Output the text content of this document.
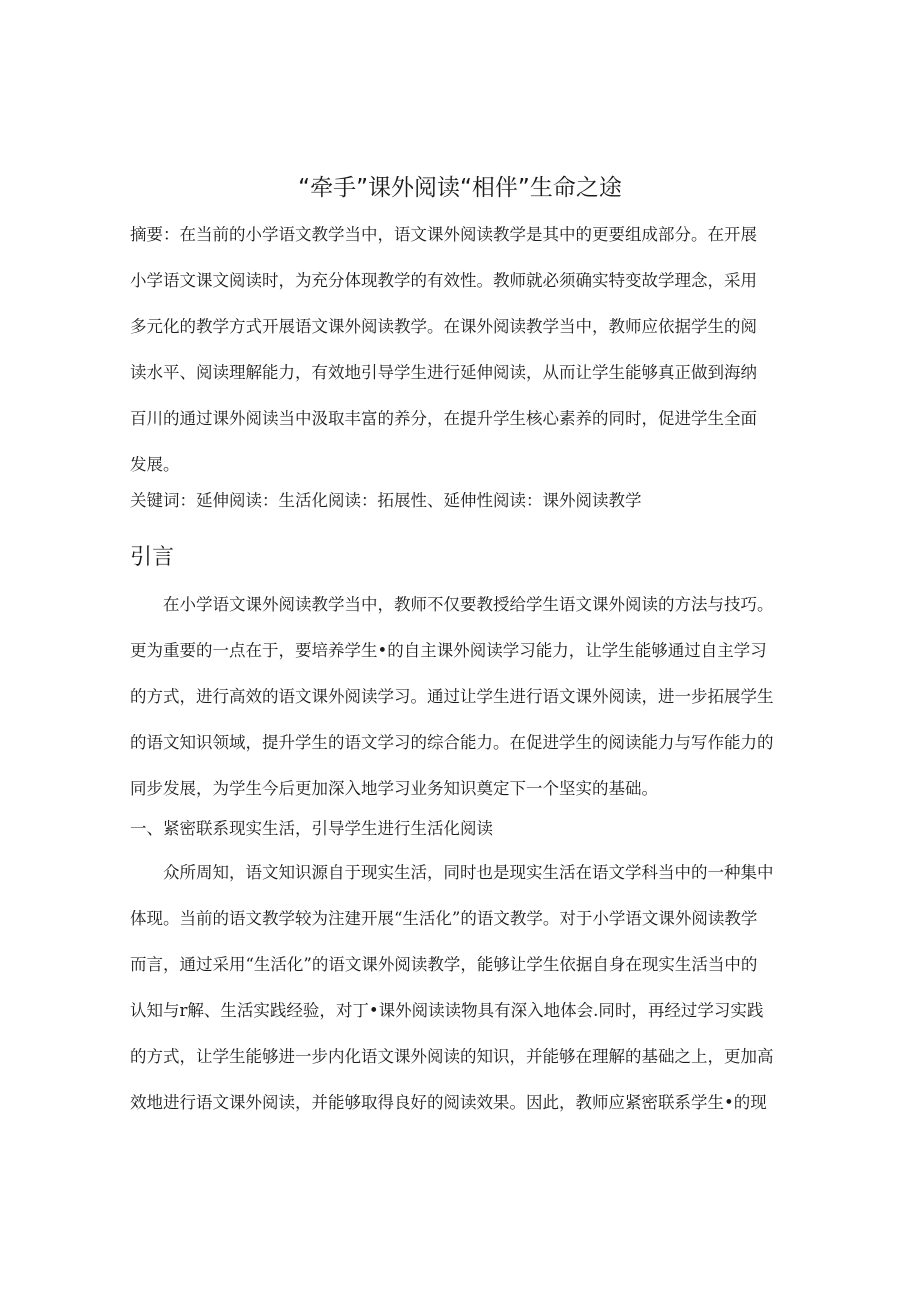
“牵手”课外阅读“相伴”生命之途

摘要：在当前的小学语文教学当中，语文课外阅读教学是其中的更要组成部分。在开展
小学语文课文阅读时，为充分体现教学的有效性。教师就必须确实特变故学理念，采用
多元化的教学方式开展语文课外阅读教学。在课外阅读教学当中，教师应依据学生的阅
读水平、阅读理解能力，有效地引导学生进行延伸阅读，从而让学生能够真正做到海纳
百川的通过课外阅读当中汲取丰富的养分，在提升学生核心素养的同时，促进学生全面
发展。

关键词：延伸阅读：生活化阅读：拓展性、延伸性阅读：课外阅读教学

引言

在小学语文课外阅读教学当中，教师不仅要教授给学生语文课外阅读的方法与技巧。
更为重要的一点在于，要培养学生•的自主课外阅读学习能力，让学生能够通过自主学习
的方式，进行高效的语文课外阅读学习。通过让学生进行语文课外阅读，进一步拓展学生
的语文知识领域，提升学生的语文学习的综合能力。在促进学生的阅读能力与写作能力的
同步发展，为学生今后更加深入地学习业务知识奠定下一个坚实的基础。

一、紧密联系现实生活，引导学生进行生活化阅读

众所周知，语文知识源自于现实生活，同时也是现实生活在语文学科当中的一种集中
体现。当前的语文教学较为注建开展“生活化”的语文教学。对于小学语文课外阅读教学
而言，通过采用“生活化”的语文课外阅读教学，能够让学生依据自身在现实生活当中的
认知与r解、生活实践经验，对丁•课外阅读读物具有深入地体会.同时，再经过学习实践
的方式，让学生能够进一步内化语文课外阅读的知识，并能够在理解的基础之上，更加高
效地进行语文课外阅读，并能够取得良好的阅读效果。因此，教师应紧密联系学生•的现
